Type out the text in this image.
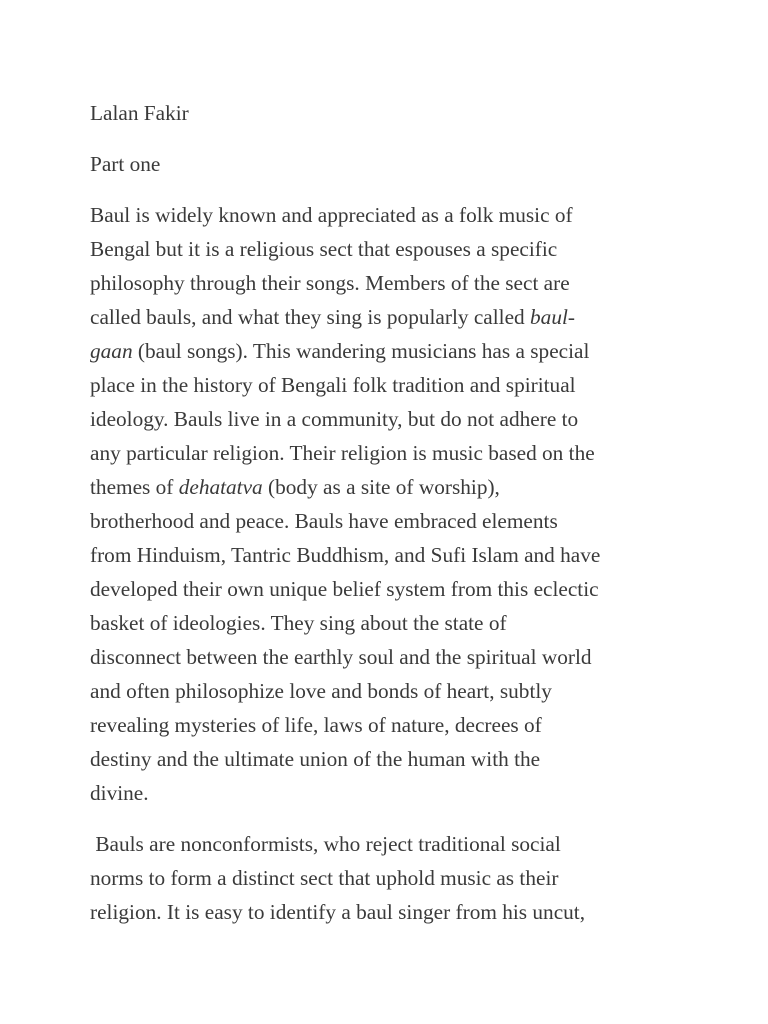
Lalan Fakir

Part one

Baul is widely known and appreciated as a folk music of
Bengal but it is a religious sect that espouses a specific
philosophy through their songs. Members of the sect are
called bauls, and what they sing is popularly called baul-
gaan (baul songs). This wandering musicians has a special
place in the history of Bengali folk tradition and spiritual
ideology. Bauls live in a community, but do not adhere to
any particular religion. Their religion is music based on the
themes of dehatatva (body as a site of worship),
brotherhood and peace. Bauls have embraced elements
from Hinduism, Tantric Buddhism, and Sufi Islam and have
developed their own unique belief system from this eclectic
basket of ideologies. They sing about the state of
disconnect between the earthly soul and the spiritual world
and often philosophize love and bonds of heart, subtly
revealing mysteries of life, laws of nature, decrees of
destiny and the ultimate union of the human with the
divine.

Bauls are nonconformists, who reject traditional social
norms to form a distinct sect that uphold music as their
religion. It is easy to identify a baul singer from his uncut,
